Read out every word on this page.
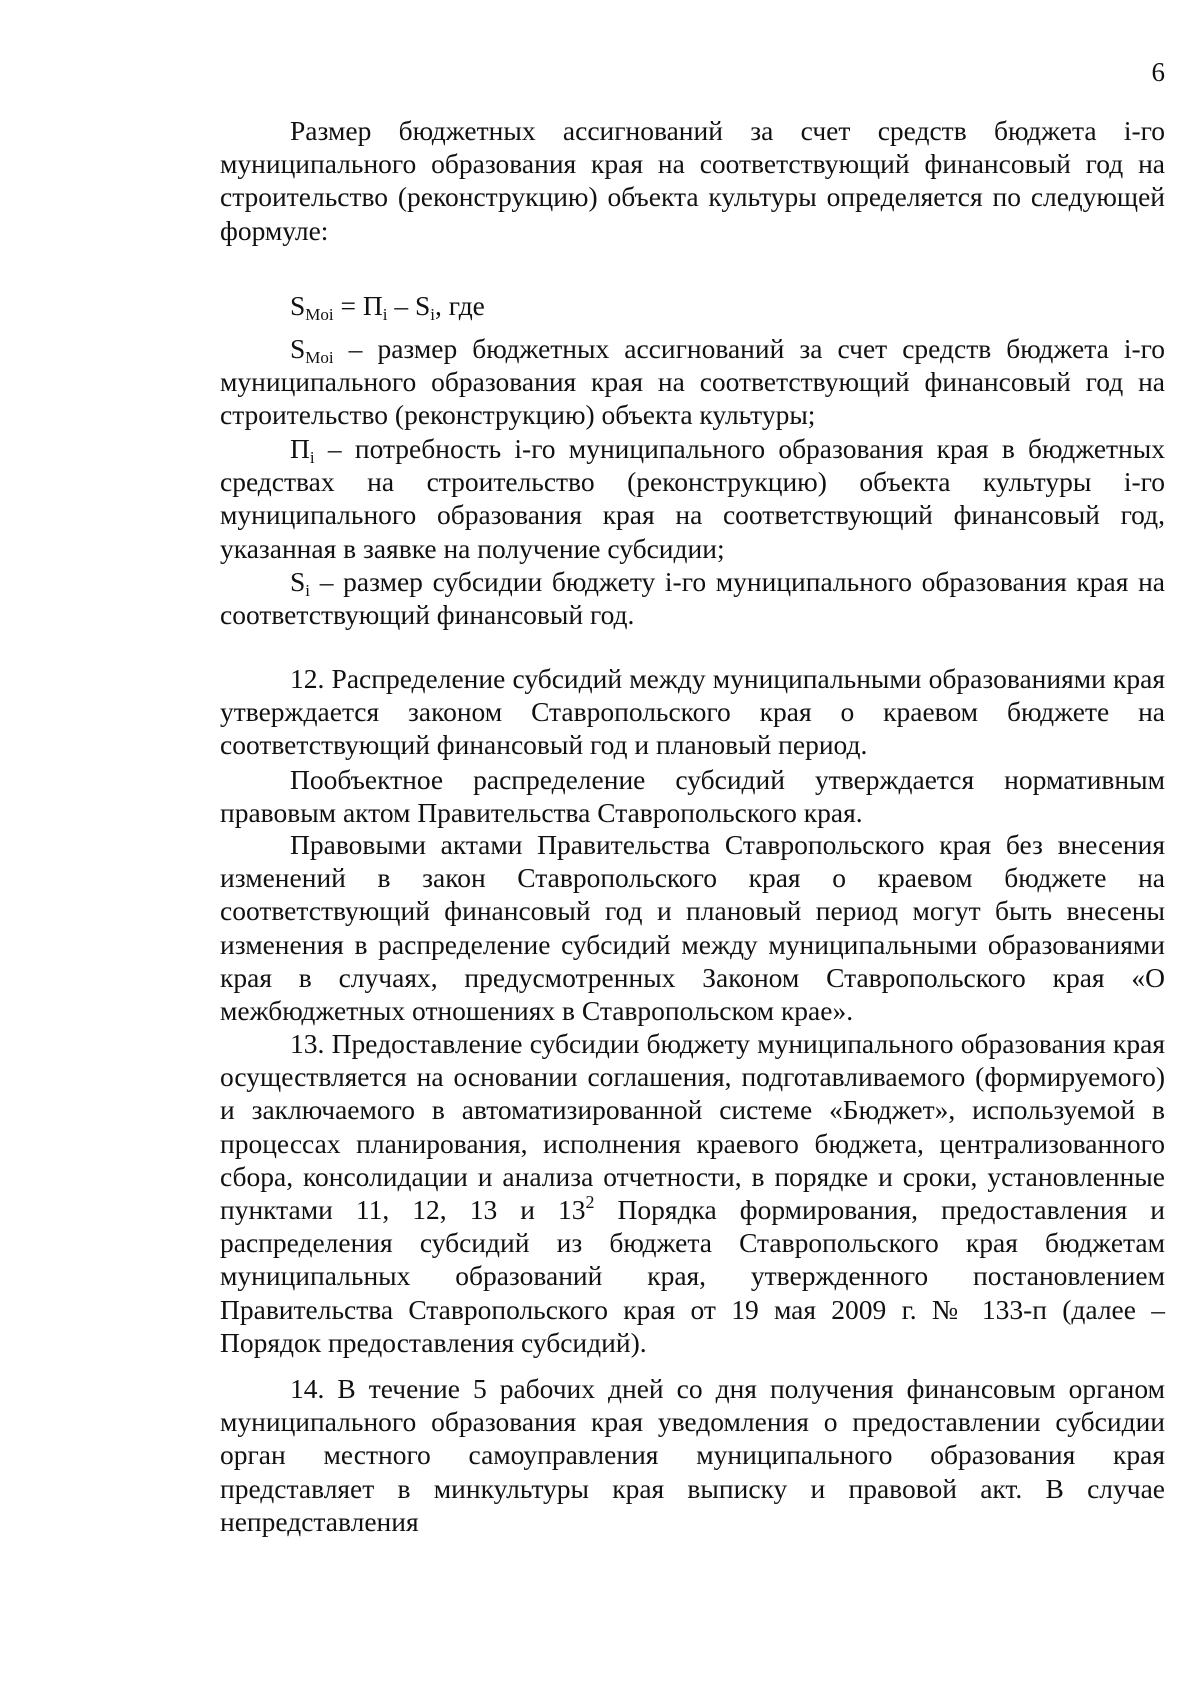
6

Размер бюджетных ассигнований за счет средств бюджета i-го муниципального образования края на соответствующий финансовый год на строительство (реконструкцию) объекта культуры определяется по следующей формуле:

$S_{Moi} = П_i - S_i$, где

$S_{Moi}$ – размер бюджетных ассигнований за счет средств бюджета i-го муниципального образования края на соответствующий финансовый год на строительство (реконструкцию) объекта культуры;

$П_i$ – потребность i-го муниципального образования края в бюджетных средствах на строительство (реконструкцию) объекта культуры i-го муниципального образования края на соответствующий финансовый год, указанная в заявке на получение субсидии;

$S_i$ – размер субсидии бюджету i-го муниципального образования края на соответствующий финансовый год.

12. Распределение субсидий между муниципальными образованиями края утверждается законом Ставропольского края о краевом бюджете на соответствующий финансовый год и плановый период.

Пообъектное распределение субсидий утверждается нормативным правовым актом Правительства Ставропольского края.

Правовыми актами Правительства Ставропольского края без внесения изменений в закон Ставропольского края о краевом бюджете на соответствующий финансовый год и плановый период могут быть внесены изменения в распределение субсидий между муниципальными образованиями края в случаях, предусмотренных Законом Ставропольского края «О межбюджетных отношениях в Ставропольском крае».

13. Предоставление субсидии бюджету муниципального образования края осуществляется на основании соглашения, подготавливаемого (формируемого) и заключаемого в автоматизированной системе «Бюджет», используемой в процессах планирования, исполнения краевого бюджета, централизованного сбора, консолидации и анализа отчетности, в порядке и сроки, установленные пунктами 11, 12, 13 и $13^2$ Порядка формирования, предоставления и распределения субсидий из бюджета Ставропольского края бюджетам муниципальных образований края, утвержденного постановлением Правительства Ставропольского края от 19 мая 2009 г. № 133-п (далее – Порядок предоставления субсидий).

14. В течение 5 рабочих дней со дня получения финансовым органом муниципального образования края уведомления о предоставлении субсидии орган местного самоуправления муниципального образования края представляет в минкультуры края выписку и правовой акт. В случае непредставления
